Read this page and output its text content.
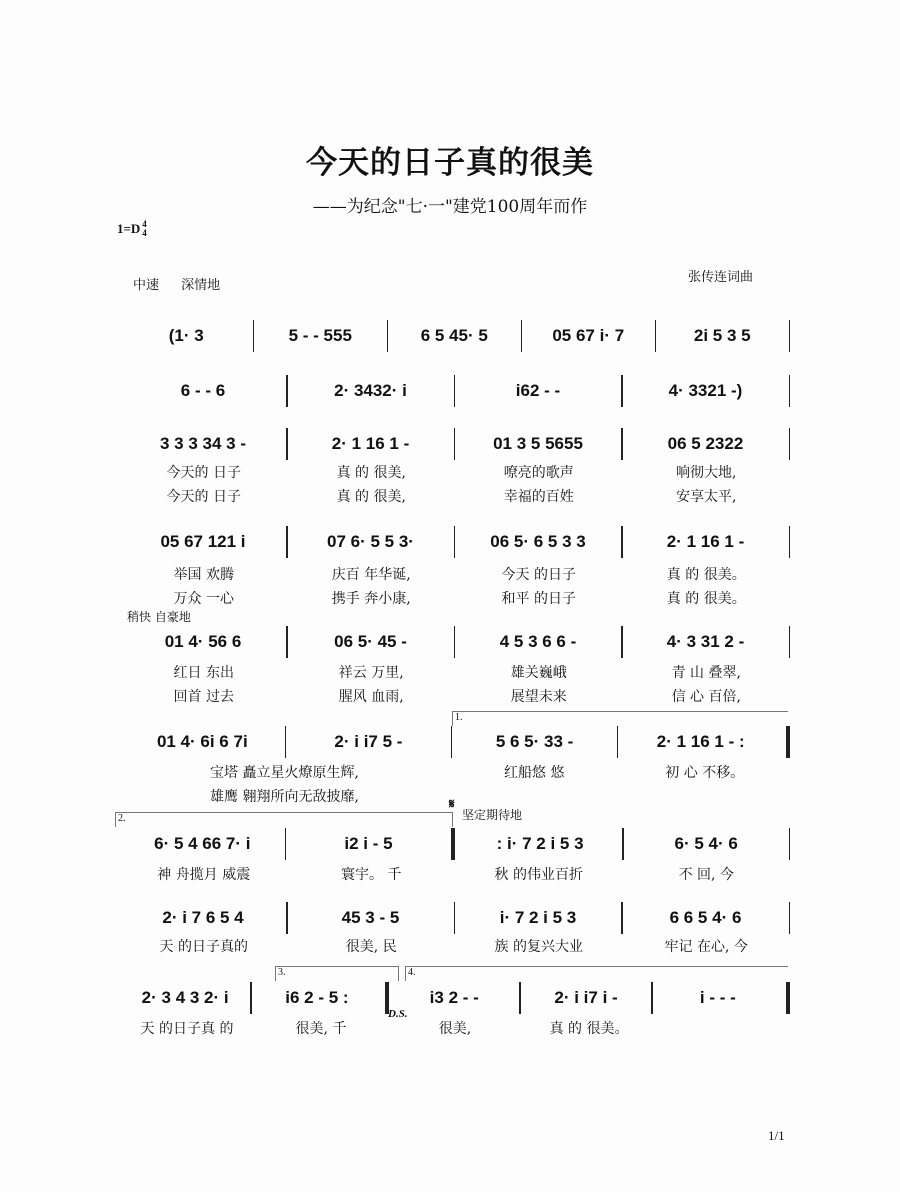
今天的日子真的很美
——为纪念"七·一"建党100周年而作
1=D 4
4
中速 深情地
张传连词曲
(1· 3	5 - - 555	6 5 45· 5	05 67 i· 7	2i 5 3 5
6 - - 6	2· 3432· i	i62 - -	4· 3321 -)
3 3 3 34 3 -	2· 1 16 1 -	01 3 5 5655	06 5 2322
今天的 日子	真 的 很美,	嘹亮的歌声	响彻大地,
今天的 日子	真 的 很美,	幸福的百姓	安享太平,
05 67 121 i	07 6· 5 5 3·	06 5· 6 5 3 3	2· 1 16 1 -
举国 欢腾	庆百 年华诞,	今天 的日子	真 的 很美。
万众 一心	携手 奔小康,	和平 的日子	真 的 很美。
稍快 自豪地
01 4· 56 6	06 5· 45 -	4 5 3 6 6 -	4· 3 31 2 -
红日 东出	祥云 万里,	雄关巍峨	青 山 叠翠,
回首 过去	腥风 血雨,	展望未来	信 心 百倍,
1.
01 4· 6i 6 7i	2· i i7 5 -	5 6 5· 33 -	2· 1 16 1 - :
宝塔 矗立星火燎原生辉,	红船悠 悠	初 心 不移。
雄鹰 翱翔所向无敌披靡,
2.
𝄋
坚定期待地
6· 5 4 66 7· i	i2 i - 5	: i· 7 2 i 5 3	6· 5 4· 6
神 舟揽月 威震	寰宇。 千	秋 的伟业百折	不 回, 今
2· i 7 6 5 4	45 3 - 5	i· 7 2 i 5 3	6 6 5 4· 6
天 的日子真的	很美, 民	族 的复兴大业	牢记 在心, 今
3.	4.
2· 3 4 3 2· i	i6 2 - 5 :	i3 2 - -	2· i i7 i -	i - - -
D.S.
天 的日子真 的	很美, 千	很美,	真 的 很美。
1/1
